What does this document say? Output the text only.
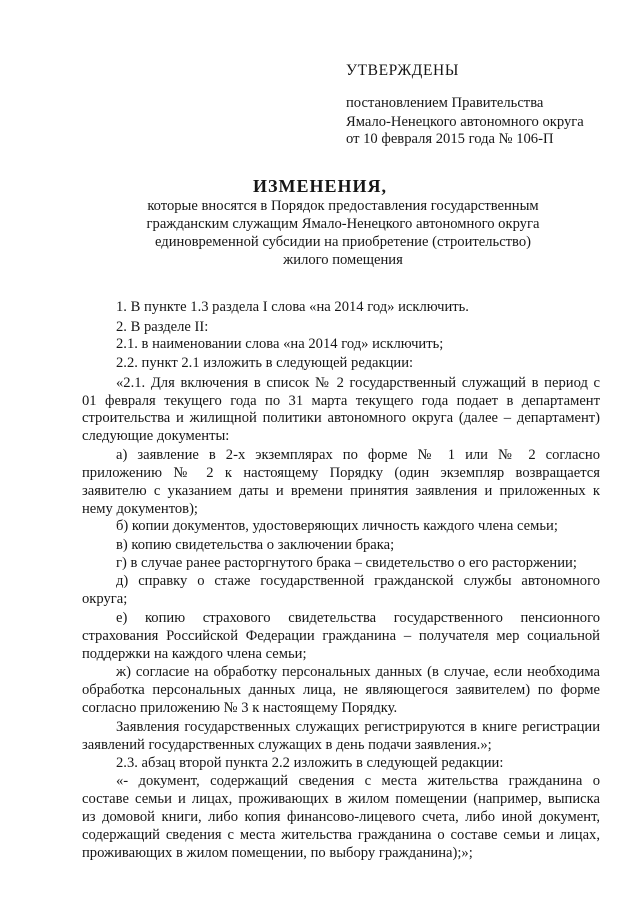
УТВЕРЖДЕНЫ
постановлением Правительства
Ямало-Ненецкого автономного округа
от 10 февраля 2015 года № 106-П
ИЗМЕНЕНИЯ,
которые вносятся в Порядок предоставления государственным
гражданским служащим Ямало-Ненецкого автономного округа
единовременной субсидии на приобретение (строительство)
жилого помещения
1. В пункте 1.3 раздела I слова «на 2014 год» исключить.
2. В разделе II:
2.1. в наименовании слова «на 2014 год» исключить;
2.2. пункт 2.1 изложить в следующей редакции:
«2.1. Для включения в список № 2 государственный служащий в период с
01 февраля текущего года по 31 марта текущего года подает в департамент
строительства и жилищной политики автономного округа (далее – департамент)
следующие документы:
а) заявление в 2-х экземплярах по форме № 1 или № 2 согласно
приложению № 2 к настоящему Порядку (один экземпляр возвращается
заявителю с указанием даты и времени принятия заявления и приложенных к
нему документов);
б) копии документов, удостоверяющих личность каждого члена семьи;
в) копию свидетельства о заключении брака;
г) в случае ранее расторгнутого брака – свидетельство о его расторжении;
д) справку о стаже государственной гражданской службы автономного
округа;
е) копию страхового свидетельства государственного пенсионного
страхования Российской Федерации гражданина – получателя мер социальной
поддержки на каждого члена семьи;
ж) согласие на обработку персональных данных (в случае, если необходима
обработка персональных данных лица, не являющегося заявителем) по форме
согласно приложению № 3 к настоящему Порядку.
Заявления государственных служащих регистрируются в книге регистрации
заявлений государственных служащих в день подачи заявления.»;
2.3. абзац второй пункта 2.2 изложить в следующей редакции:
«- документ, содержащий сведения с места жительства гражданина о
составе семьи и лицах, проживающих в жилом помещении (например, выписка
из домовой книги, либо копия финансово-лицевого счета, либо иной документ,
содержащий сведения с места жительства гражданина о составе семьи и лицах,
проживающих в жилом помещении, по выбору гражданина);»;
